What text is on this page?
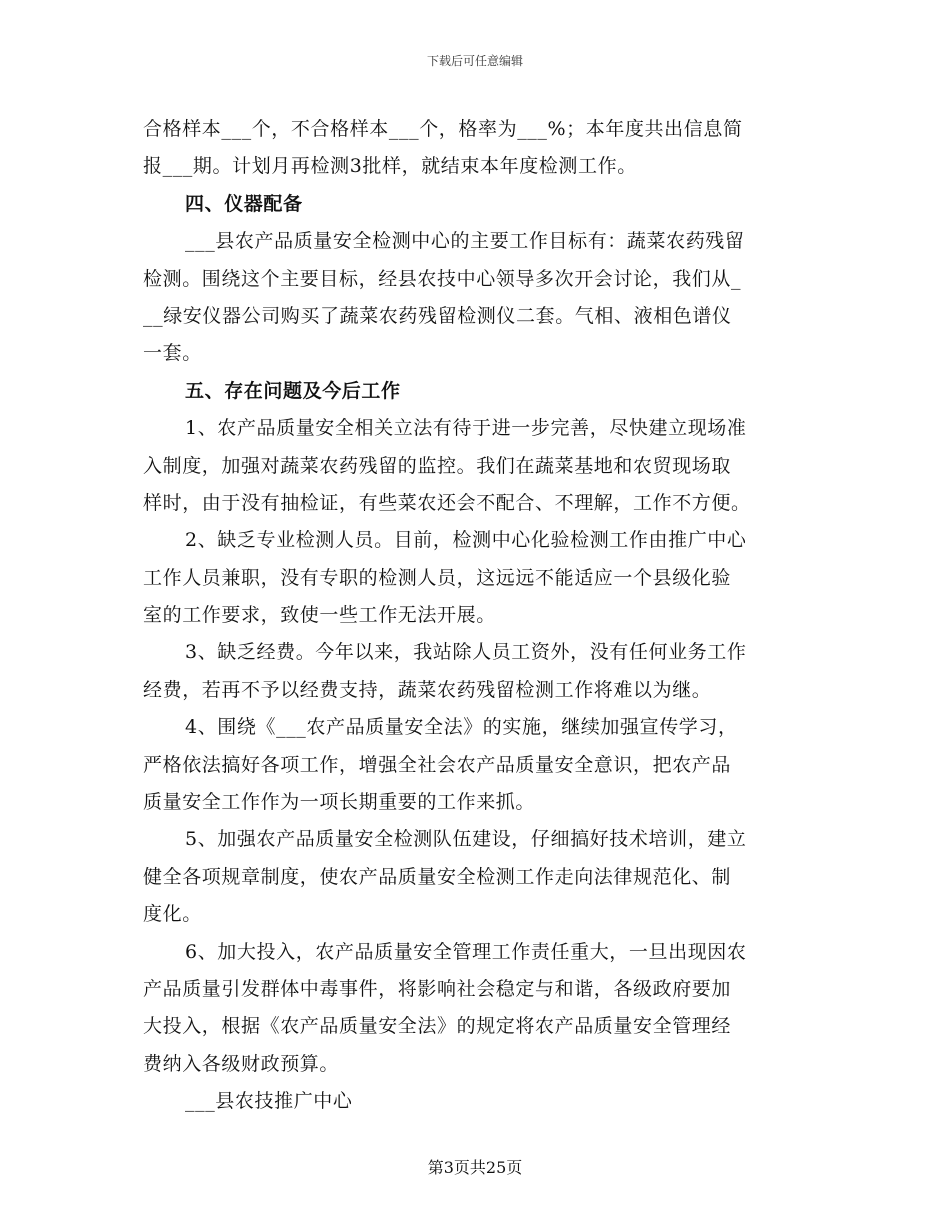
下载后可任意编辑
合格样本___个，不合格样本___个，格率为___%；本年度共出信息简
报___期。计划月再检测3批样，就结束本年度检测工作。
四、仪器配备
___县农产品质量安全检测中心的主要工作目标有：蔬菜农药残留
检测。围绕这个主要目标，经县农技中心领导多次开会讨论，我们从_
__绿安仪器公司购买了蔬菜农药残留检测仪二套。气相、液相色谱仪
一套。
五、存在问题及今后工作
1、农产品质量安全相关立法有待于进一步完善，尽快建立现场准
入制度，加强对蔬菜农药残留的监控。我们在蔬菜基地和农贸现场取
样时，由于没有抽检证，有些菜农还会不配合、不理解，工作不方便。
2、缺乏专业检测人员。目前，检测中心化验检测工作由推广中心
工作人员兼职，没有专职的检测人员，这远远不能适应一个县级化验
室的工作要求，致使一些工作无法开展。
3、缺乏经费。今年以来，我站除人员工资外，没有任何业务工作
经费，若再不予以经费支持，蔬菜农药残留检测工作将难以为继。
4、围绕《___农产品质量安全法》的实施，继续加强宣传学习，
严格依法搞好各项工作，增强全社会农产品质量安全意识，把农产品
质量安全工作作为一项长期重要的工作来抓。
5、加强农产品质量安全检测队伍建设，仔细搞好技术培训，建立
健全各项规章制度，使农产品质量安全检测工作走向法律规范化、制
度化。
6、加大投入，农产品质量安全管理工作责任重大，一旦出现因农
产品质量引发群体中毒事件，将影响社会稳定与和谐，各级政府要加
大投入，根据《农产品质量安全法》的规定将农产品质量安全管理经
费纳入各级财政预算。
___县农技推广中心
第3页共25页
